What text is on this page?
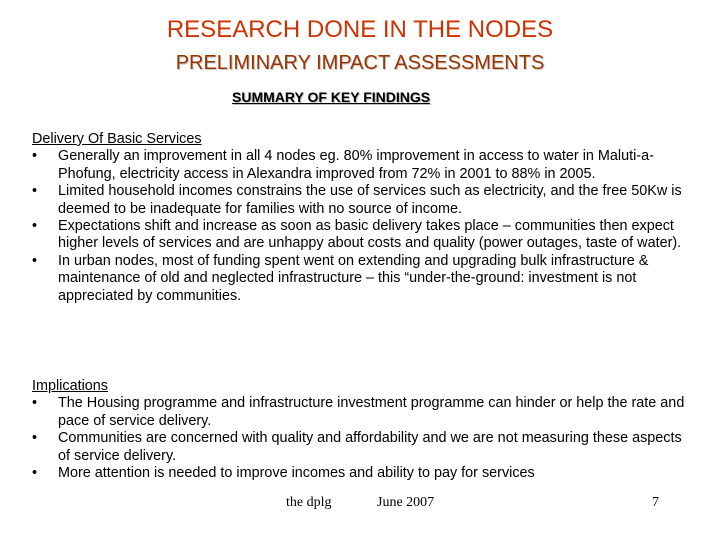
RESEARCH DONE IN THE NODES
PRELIMINARY IMPACT ASSESSMENTS
SUMMARY OF KEY FINDINGS
Delivery Of Basic Services
• Generally an improvement in all 4 nodes eg. 80% improvement in access to water in Maluti-a-Phofung, electricity access in Alexandra improved from 72% in 2001 to 88% in 2005.
• Limited household incomes constrains the use of services such as electricity, and the free 50Kw is deemed to be inadequate for families with no source of income.
• Expectations shift and increase as soon as basic delivery takes place – communities then expect higher levels of services and are unhappy about costs and quality (power outages, taste of water).
• In urban nodes, most of funding spent went on extending and upgrading bulk infrastructure & maintenance of old and neglected infrastructure – this “under-the-ground: investment is not appreciated by communities.
Implications
• The Housing programme and infrastructure investment programme can hinder or help the rate and pace of service delivery.
• Communities are concerned with quality and affordability and we are not measuring these aspects of service delivery.
• More attention is needed to improve incomes and ability to pay for services
the dplg	June 2007	7
